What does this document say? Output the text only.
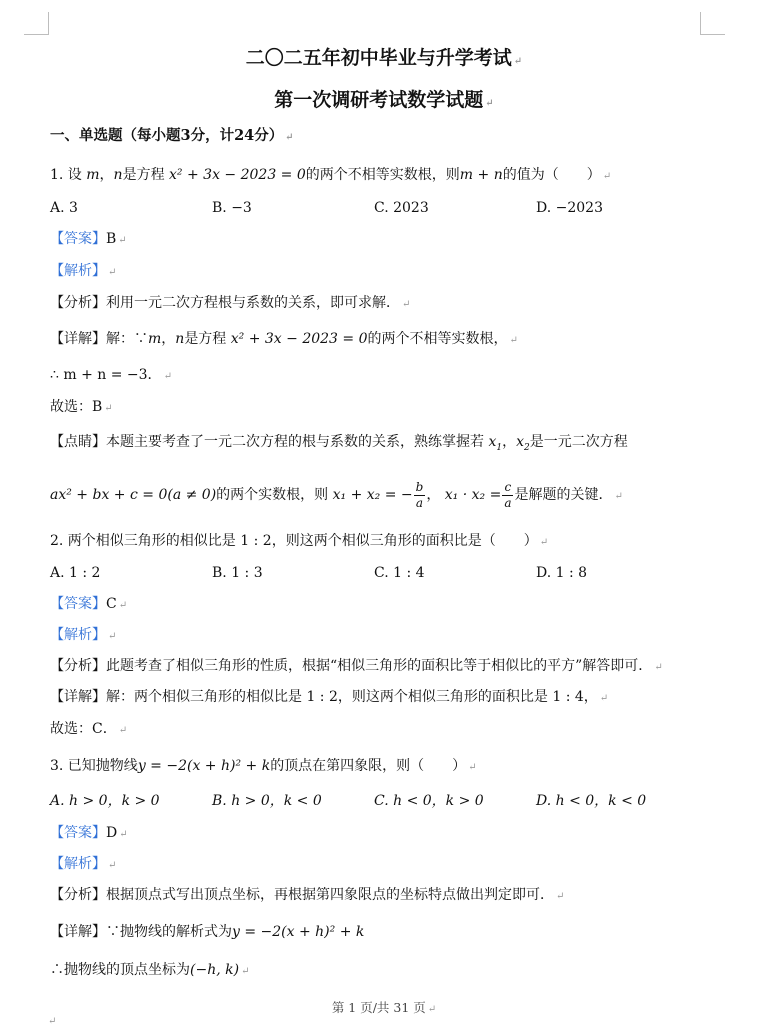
二〇二五年初中毕业与升学考试 ↵
第一次调研考试数学试题 ↵
一、单选题（每小题3分，计24分） ↵
1. 设 m，n是方程 x² + 3x − 2023 = 0的两个不相等实数根，则m + n的值为（　　） ↵
A. 3	B. −3	C. 2023	D. −2023
【答案】B ↵
【解析】 ↵
【分析】利用一元二次方程根与系数的关系，即可求解． ↵
【详解】解：∵m，n是方程 x² + 3x − 2023 = 0的两个不相等实数根， ↵
∴ m + n = −3． ↵
故选：B ↵
【点睛】本题主要考查了一元二次方程的根与系数的关系，熟练掌握若 $x_1$，$x_2$是一元二次方程
ax² + bx + c = 0(a ≠ 0)的两个实数根，则 x₁ + x₂ = − $\frac{b}{a}$ ， $x_1 \cdot x_2 = \frac{c}{a}$ 是解题的关键． ↵
2. 两个相似三角形的相似比是 1 : 2，则这两个相似三角形的面积比是（　　） ↵
A. 1 : 2	B. 1 : 3	C. 1 : 4	D. 1 : 8
【答案】C ↵
【解析】 ↵
【分析】此题考查了相似三角形的性质，根据“相似三角形的面积比等于相似比的平方”解答即可． ↵
【详解】解：两个相似三角形的相似比是 1 : 2，则这两个相似三角形的面积比是 1 : 4， ↵
故选：C． ↵
3. 已知抛物线y = −2(x + h)² + k的顶点在第四象限，则（　　） ↵
A. h > 0，k > 0	B. h > 0，k < 0	C. h < 0，k > 0	D. h < 0，k < 0
【答案】D ↵
【解析】 ↵
【分析】根据顶点式写出顶点坐标，再根据第四象限点的坐标特点做出判定即可． ↵
【详解】∵抛物线的解析式为y = −2(x + h)² + k
∴抛物线的顶点坐标为(−h, k) ↵
第 1 页/共 31 页 ↵
↵
